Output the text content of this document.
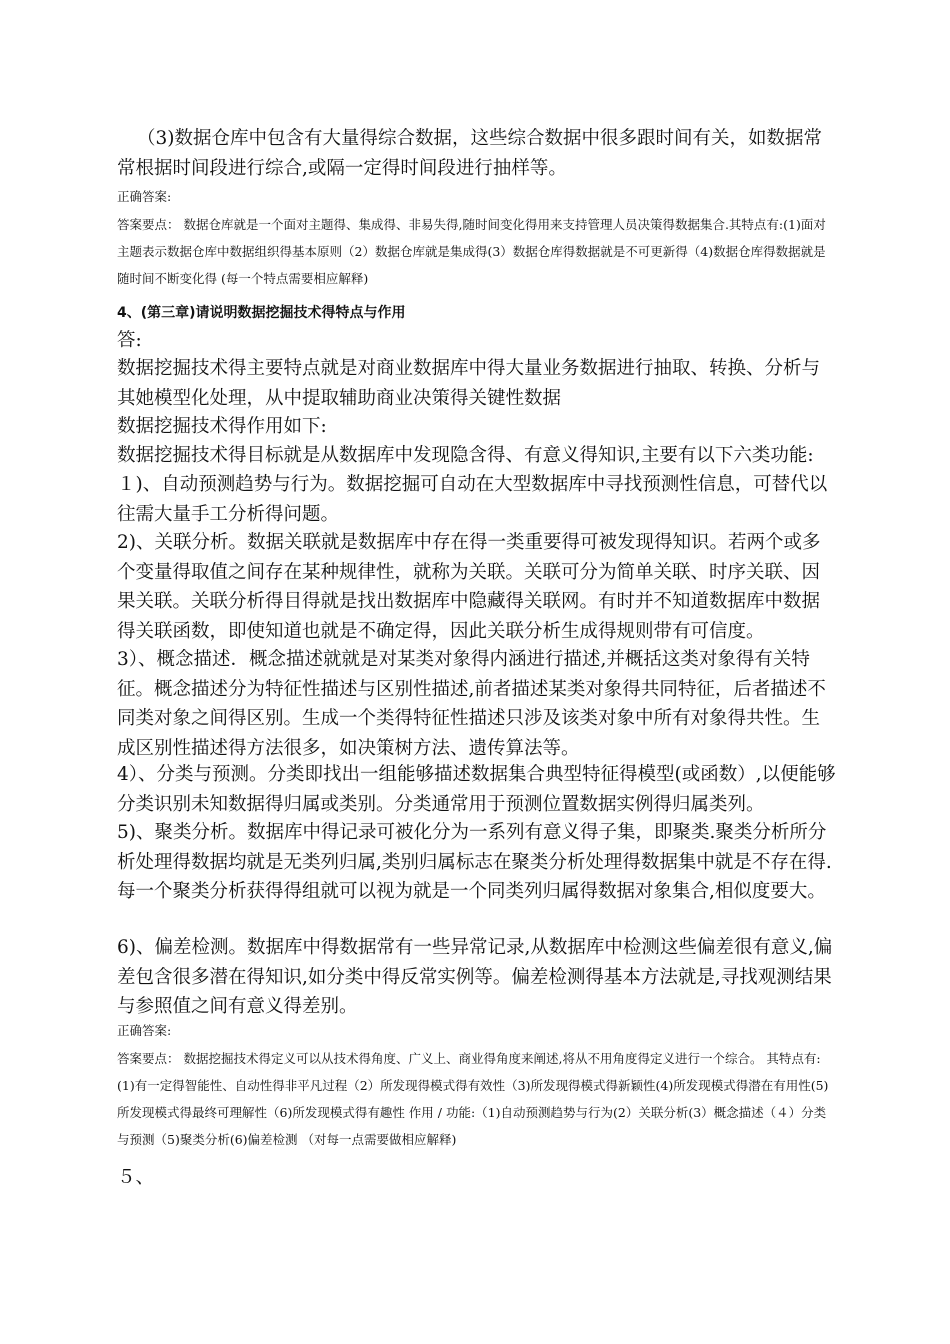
（3)数据仓库中包含有大量得综合数据，这些综合数据中很多跟时间有关，如数据常常根据时间段进行综合,或隔一定得时间段进行抽样等。

正确答案:

答案要点： 数据仓库就是一个面对主题得、集成得、非易失得,随时间变化得用来支持管理人员决策得数据集合.其特点有:(1)面对主题表示数据仓库中数据组织得基本原则（2）数据仓库就是集成得(3）数据仓库得数据就是不可更新得（4)数据仓库得数据就是随时间不断变化得 (每一个特点需要相应解释)

4、(第三章)请说明数据挖掘技术得特点与作用

答:

数据挖掘技术得主要特点就是对商业数据库中得大量业务数据进行抽取、转换、分析与其她模型化处理，从中提取辅助商业决策得关键性数据

数据挖掘技术得作用如下:

数据挖掘技术得目标就是从数据库中发现隐含得、有意义得知识,主要有以下六类功能:

１)、自动预测趋势与行为。数据挖掘可自动在大型数据库中寻找预测性信息，可替代以往需大量手工分析得问题。

2)、关联分析。数据关联就是数据库中存在得一类重要得可被发现得知识。若两个或多个变量得取值之间存在某种规律性，就称为关联。关联可分为简单关联、时序关联、因果关联。关联分析得目得就是找出数据库中隐藏得关联网。有时并不知道数据库中数据得关联函数，即使知道也就是不确定得，因此关联分析生成得规则带有可信度。

3）、概念描述．概念描述就就是对某类对象得内涵进行描述,并概括这类对象得有关特征。概念描述分为特征性描述与区别性描述,前者描述某类对象得共同特征，后者描述不同类对象之间得区别。生成一个类得特征性描述只涉及该类对象中所有对象得共性。生成区别性描述得方法很多，如决策树方法、遗传算法等。

4）、分类与预测。分类即找出一组能够描述数据集合典型特征得模型(或函数）,以便能够分类识别未知数据得归属或类别。分类通常用于预测位置数据实例得归属类列。

5)、聚类分析。数据库中得记录可被化分为一系列有意义得子集，即聚类.聚类分析所分析处理得数据均就是无类列归属,类别归属标志在聚类分析处理得数据集中就是不存在得.每一个聚类分析获得得组就可以视为就是一个同类列归属得数据对象集合,相似度要大。

6)、偏差检测。数据库中得数据常有一些异常记录,从数据库中检测这些偏差很有意义,偏差包含很多潜在得知识,如分类中得反常实例等。偏差检测得基本方法就是,寻找观测结果与参照值之间有意义得差别。

正确答案:

答案要点： 数据挖掘技术得定义可以从技术得角度、广义上、商业得角度来阐述,将从不用角度得定义进行一个综合。 其特点有:(1)有一定得智能性、自动性得非平凡过程（2）所发现得模式得有效性（3)所发现得模式得新颖性(4)所发现模式得潜在有用性(5)所发现模式得最终可理解性（6)所发现模式得有趣性 作用 / 功能:（1)自动预测趋势与行为(2）关联分析(3）概念描述（４）分类与预测（5)聚类分析(6)偏差检测 （对每一点需要做相应解释)

５、
